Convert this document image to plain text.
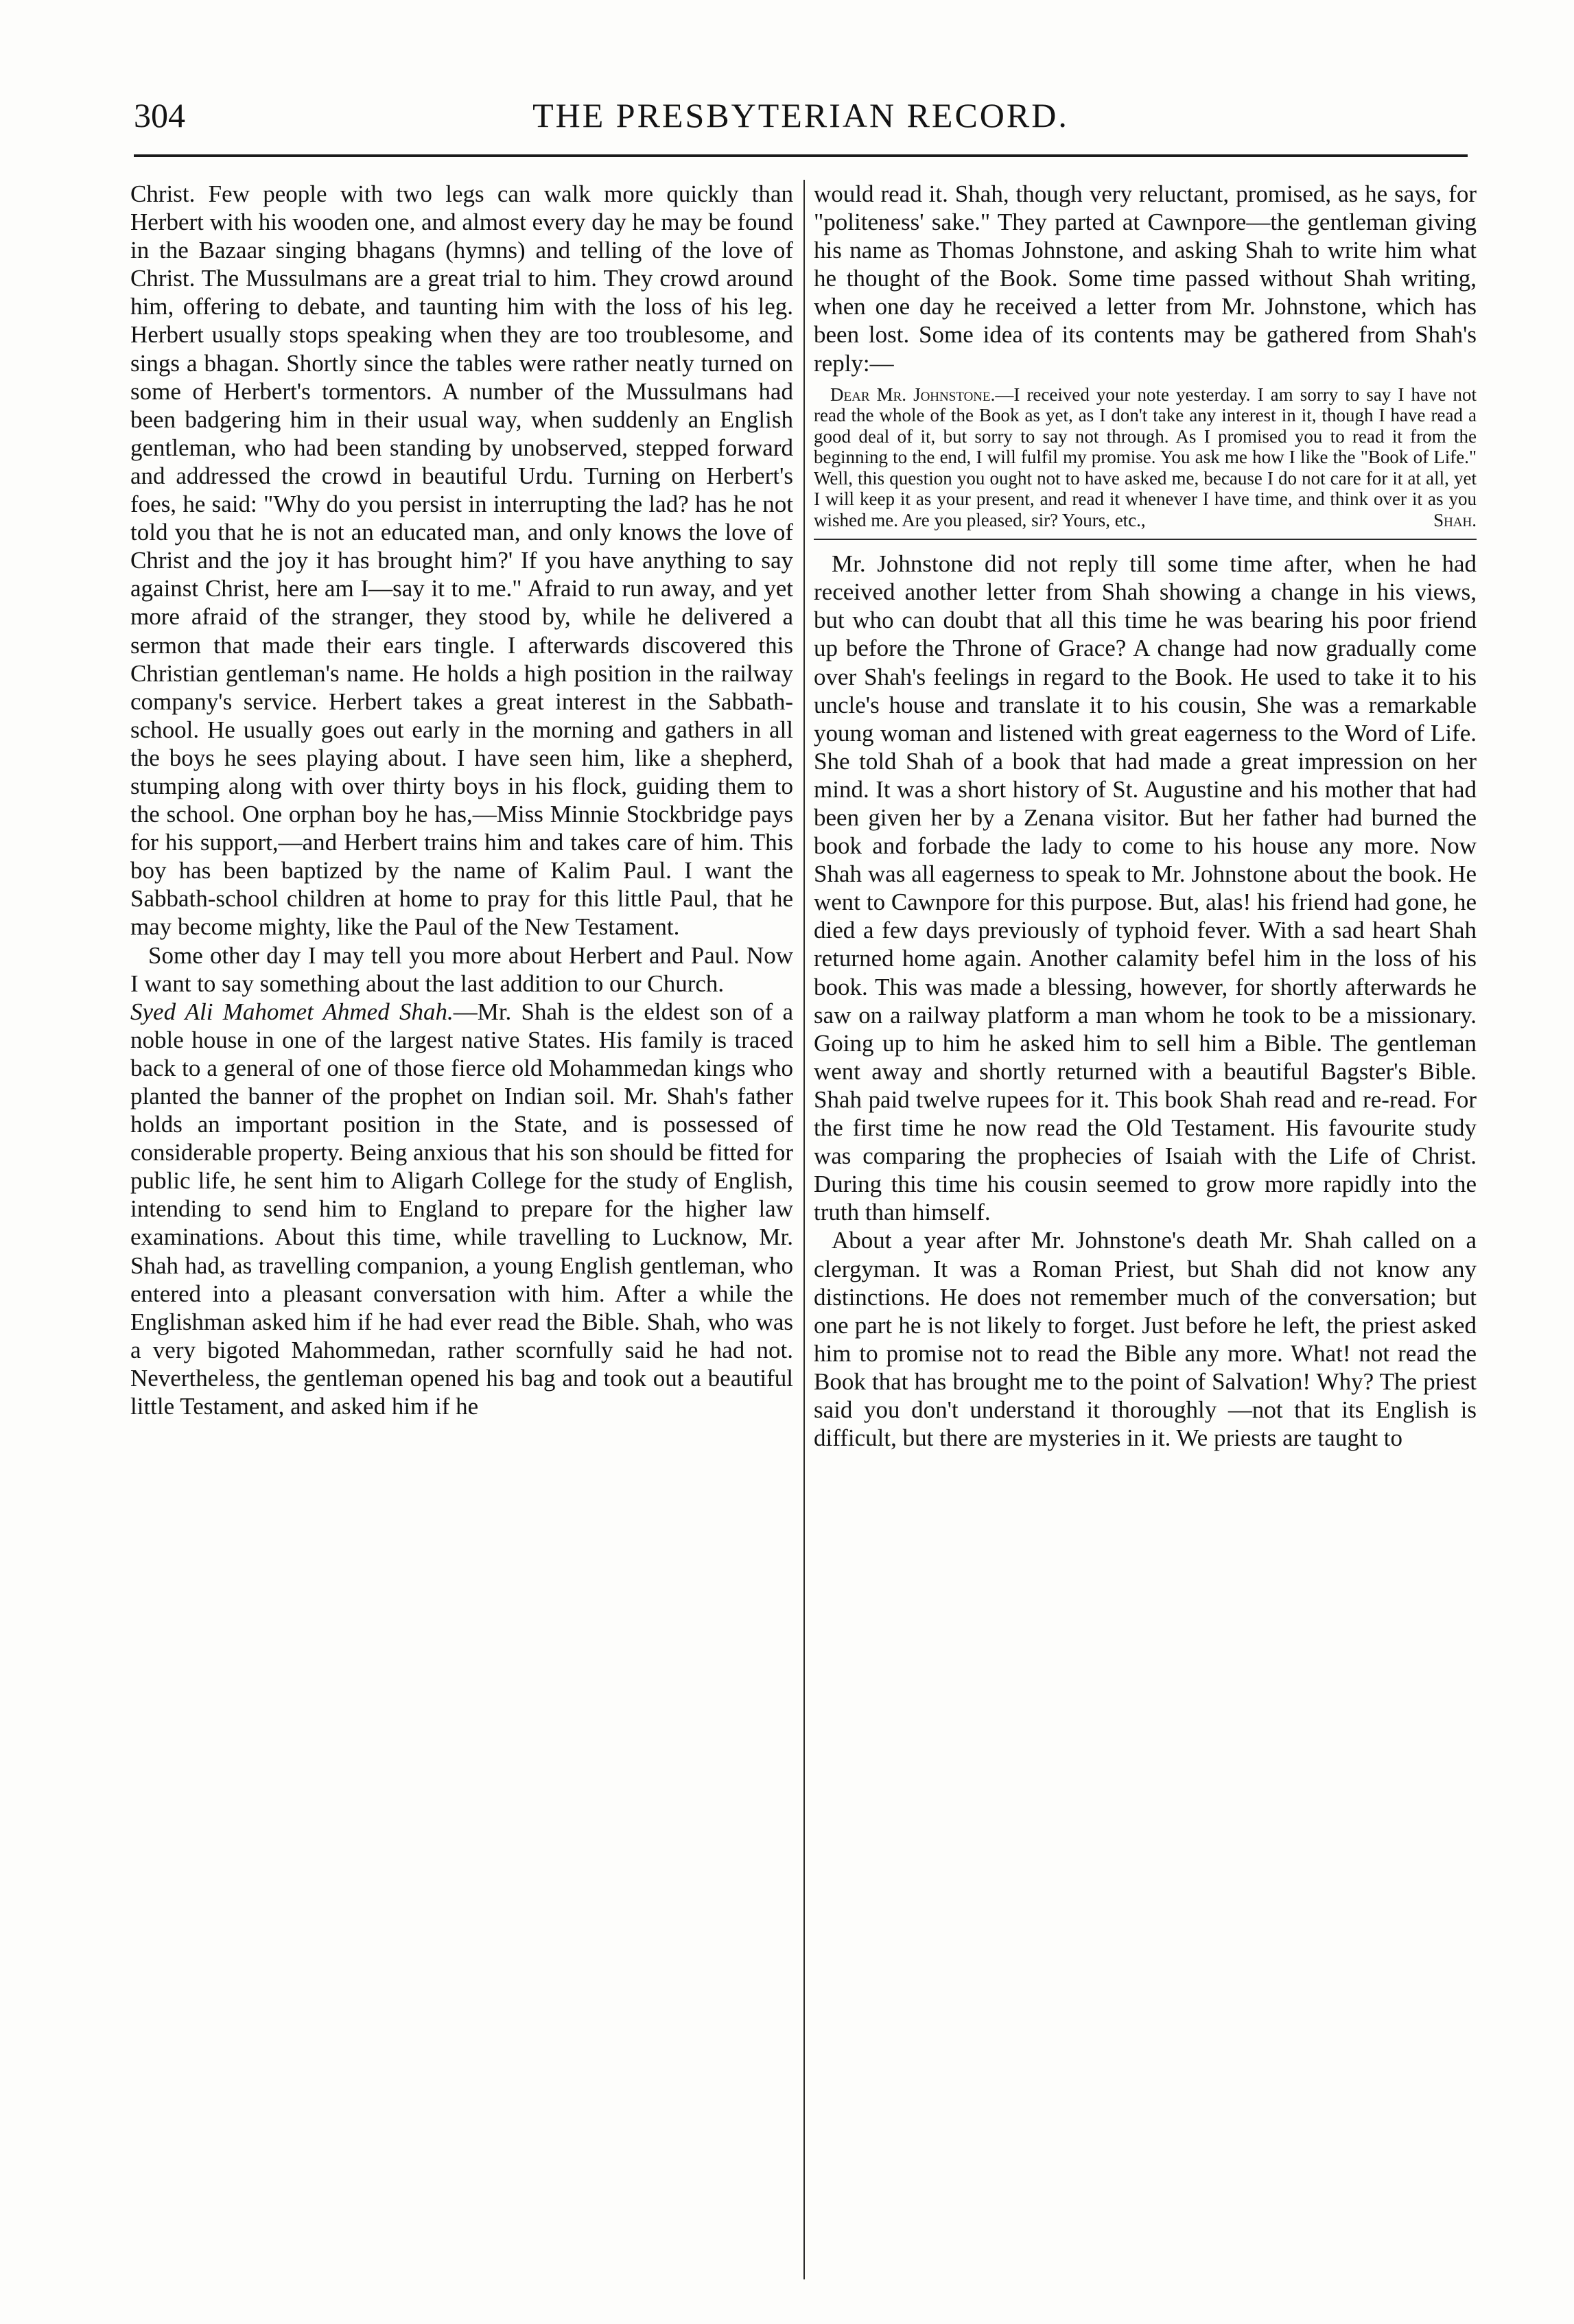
304	THE PRESBYTERIAN RECORD.

Christ. Few people with two legs can walk more quickly than Herbert with his wooden one, and almost every day he may be found in the Bazaar singing bhagans (hymns) and telling of the love of Christ. The Mussulmans are a great trial to him. They crowd around him, offering to debate, and taunting him with the loss of his leg. Herbert usually stops speaking when they are too troublesome, and sings a bhagan. Shortly since the tables were rather neatly turned on some of Herbert's tormentors. A number of the Mussulmans had been badgering him in their usual way, when suddenly an English gentleman, who had been standing by unobserved, stepped forward and addressed the crowd in beautiful Urdu. Turning on Herbert's foes, he said: "Why do you persist in interrupting the lad? has he not told you that he is not an educated man, and only knows the love of Christ and the joy it has brought him?' If you have anything to say against Christ, here am I—say it to me." Afraid to run away, and yet more afraid of the stranger, they stood by, while he delivered a sermon that made their ears tingle. I afterwards discovered this Christian gentleman's name. He holds a high position in the railway company's service. Herbert takes a great interest in the Sabbath-school. He usually goes out early in the morning and gathers in all the boys he sees playing about. I have seen him, like a shepherd, stumping along with over thirty boys in his flock, guiding them to the school. One orphan boy he has,—Miss Minnie Stockbridge pays for his support,—and Herbert trains him and takes care of him. This boy has been baptized by the name of Kalim Paul. I want the Sabbath-school children at home to pray for this little Paul, that he may become mighty, like the Paul of the New Testament.

Some other day I may tell you more about Herbert and Paul. Now I want to say something about the last addition to our Church.

Syed Ali Mahomet Ahmed Shah.—Mr. Shah is the eldest son of a noble house in one of the largest native States. His family is traced back to a general of one of those fierce old Mohammedan kings who planted the banner of the prophet on Indian soil. Mr. Shah's father holds an important position in the State, and is possessed of considerable property. Being anxious that his son should be fitted for public life, he sent him to Aligarh College for the study of English, intending to send him to England to prepare for the higher law examinations. About this time, while travelling to Lucknow, Mr. Shah had, as travelling companion, a young English gentleman, who entered into a pleasant conversation with him. After a while the Englishman asked him if he had ever read the Bible. Shah, who was a very bigoted Mahommedan, rather scornfully said he had not. Nevertheless, the gentleman opened his bag and took out a beautiful little Testament, and asked him if he

would read it. Shah, though very reluctant, promised, as he says, for "politeness' sake." They parted at Cawnpore—the gentleman giving his name as Thomas Johnstone, and asking Shah to write him what he thought of the Book. Some time passed without Shah writing, when one day he received a letter from Mr. Johnstone, which has been lost. Some idea of its contents may be gathered from Shah's reply:—

Dear Mr. Johnstone.—I received your note yesterday. I am sorry to say I have not read the whole of the Book as yet, as I don't take any interest in it, though I have read a good deal of it, but sorry to say not through. As I promised you to read it from the beginning to the end, I will fulfil my promise. You ask me how I like the "Book of Life." Well, this question you ought not to have asked me, because I do not care for it at all, yet I will keep it as your present, and read it whenever I have time, and think over it as you wished me. Are you pleased, sir? Yours, etc.,	Shah.

Mr. Johnstone did not reply till some time after, when he had received another letter from Shah showing a change in his views, but who can doubt that all this time he was bearing his poor friend up before the Throne of Grace? A change had now gradually come over Shah's feelings in regard to the Book. He used to take it to his uncle's house and translate it to his cousin, She was a remarkable young woman and listened with great eagerness to the Word of Life. She told Shah of a book that had made a great impression on her mind. It was a short history of St. Augustine and his mother that had been given her by a Zenana visitor. But her father had burned the book and forbade the lady to come to his house any more. Now Shah was all eagerness to speak to Mr. Johnstone about the book. He went to Cawnpore for this purpose. But, alas! his friend had gone, he died a few days previously of typhoid fever. With a sad heart Shah returned home again. Another calamity befel him in the loss of his book. This was made a blessing, however, for shortly afterwards he saw on a railway platform a man whom he took to be a missionary. Going up to him he asked him to sell him a Bible. The gentleman went away and shortly returned with a beautiful Bagster's Bible. Shah paid twelve rupees for it. This book Shah read and re-read. For the first time he now read the Old Testament. His favourite study was comparing the prophecies of Isaiah with the Life of Christ. During this time his cousin seemed to grow more rapidly into the truth than himself.

About a year after Mr. Johnstone's death Mr. Shah called on a clergyman. It was a Roman Priest, but Shah did not know any distinctions. He does not remember much of the conversation; but one part he is not likely to forget. Just before he left, the priest asked him to promise not to read the Bible any more. What! not read the Book that has brought me to the point of Salvation! Why? The priest said you don't understand it thoroughly —not that its English is difficult, but there are mysteries in it. We priests are taught to
